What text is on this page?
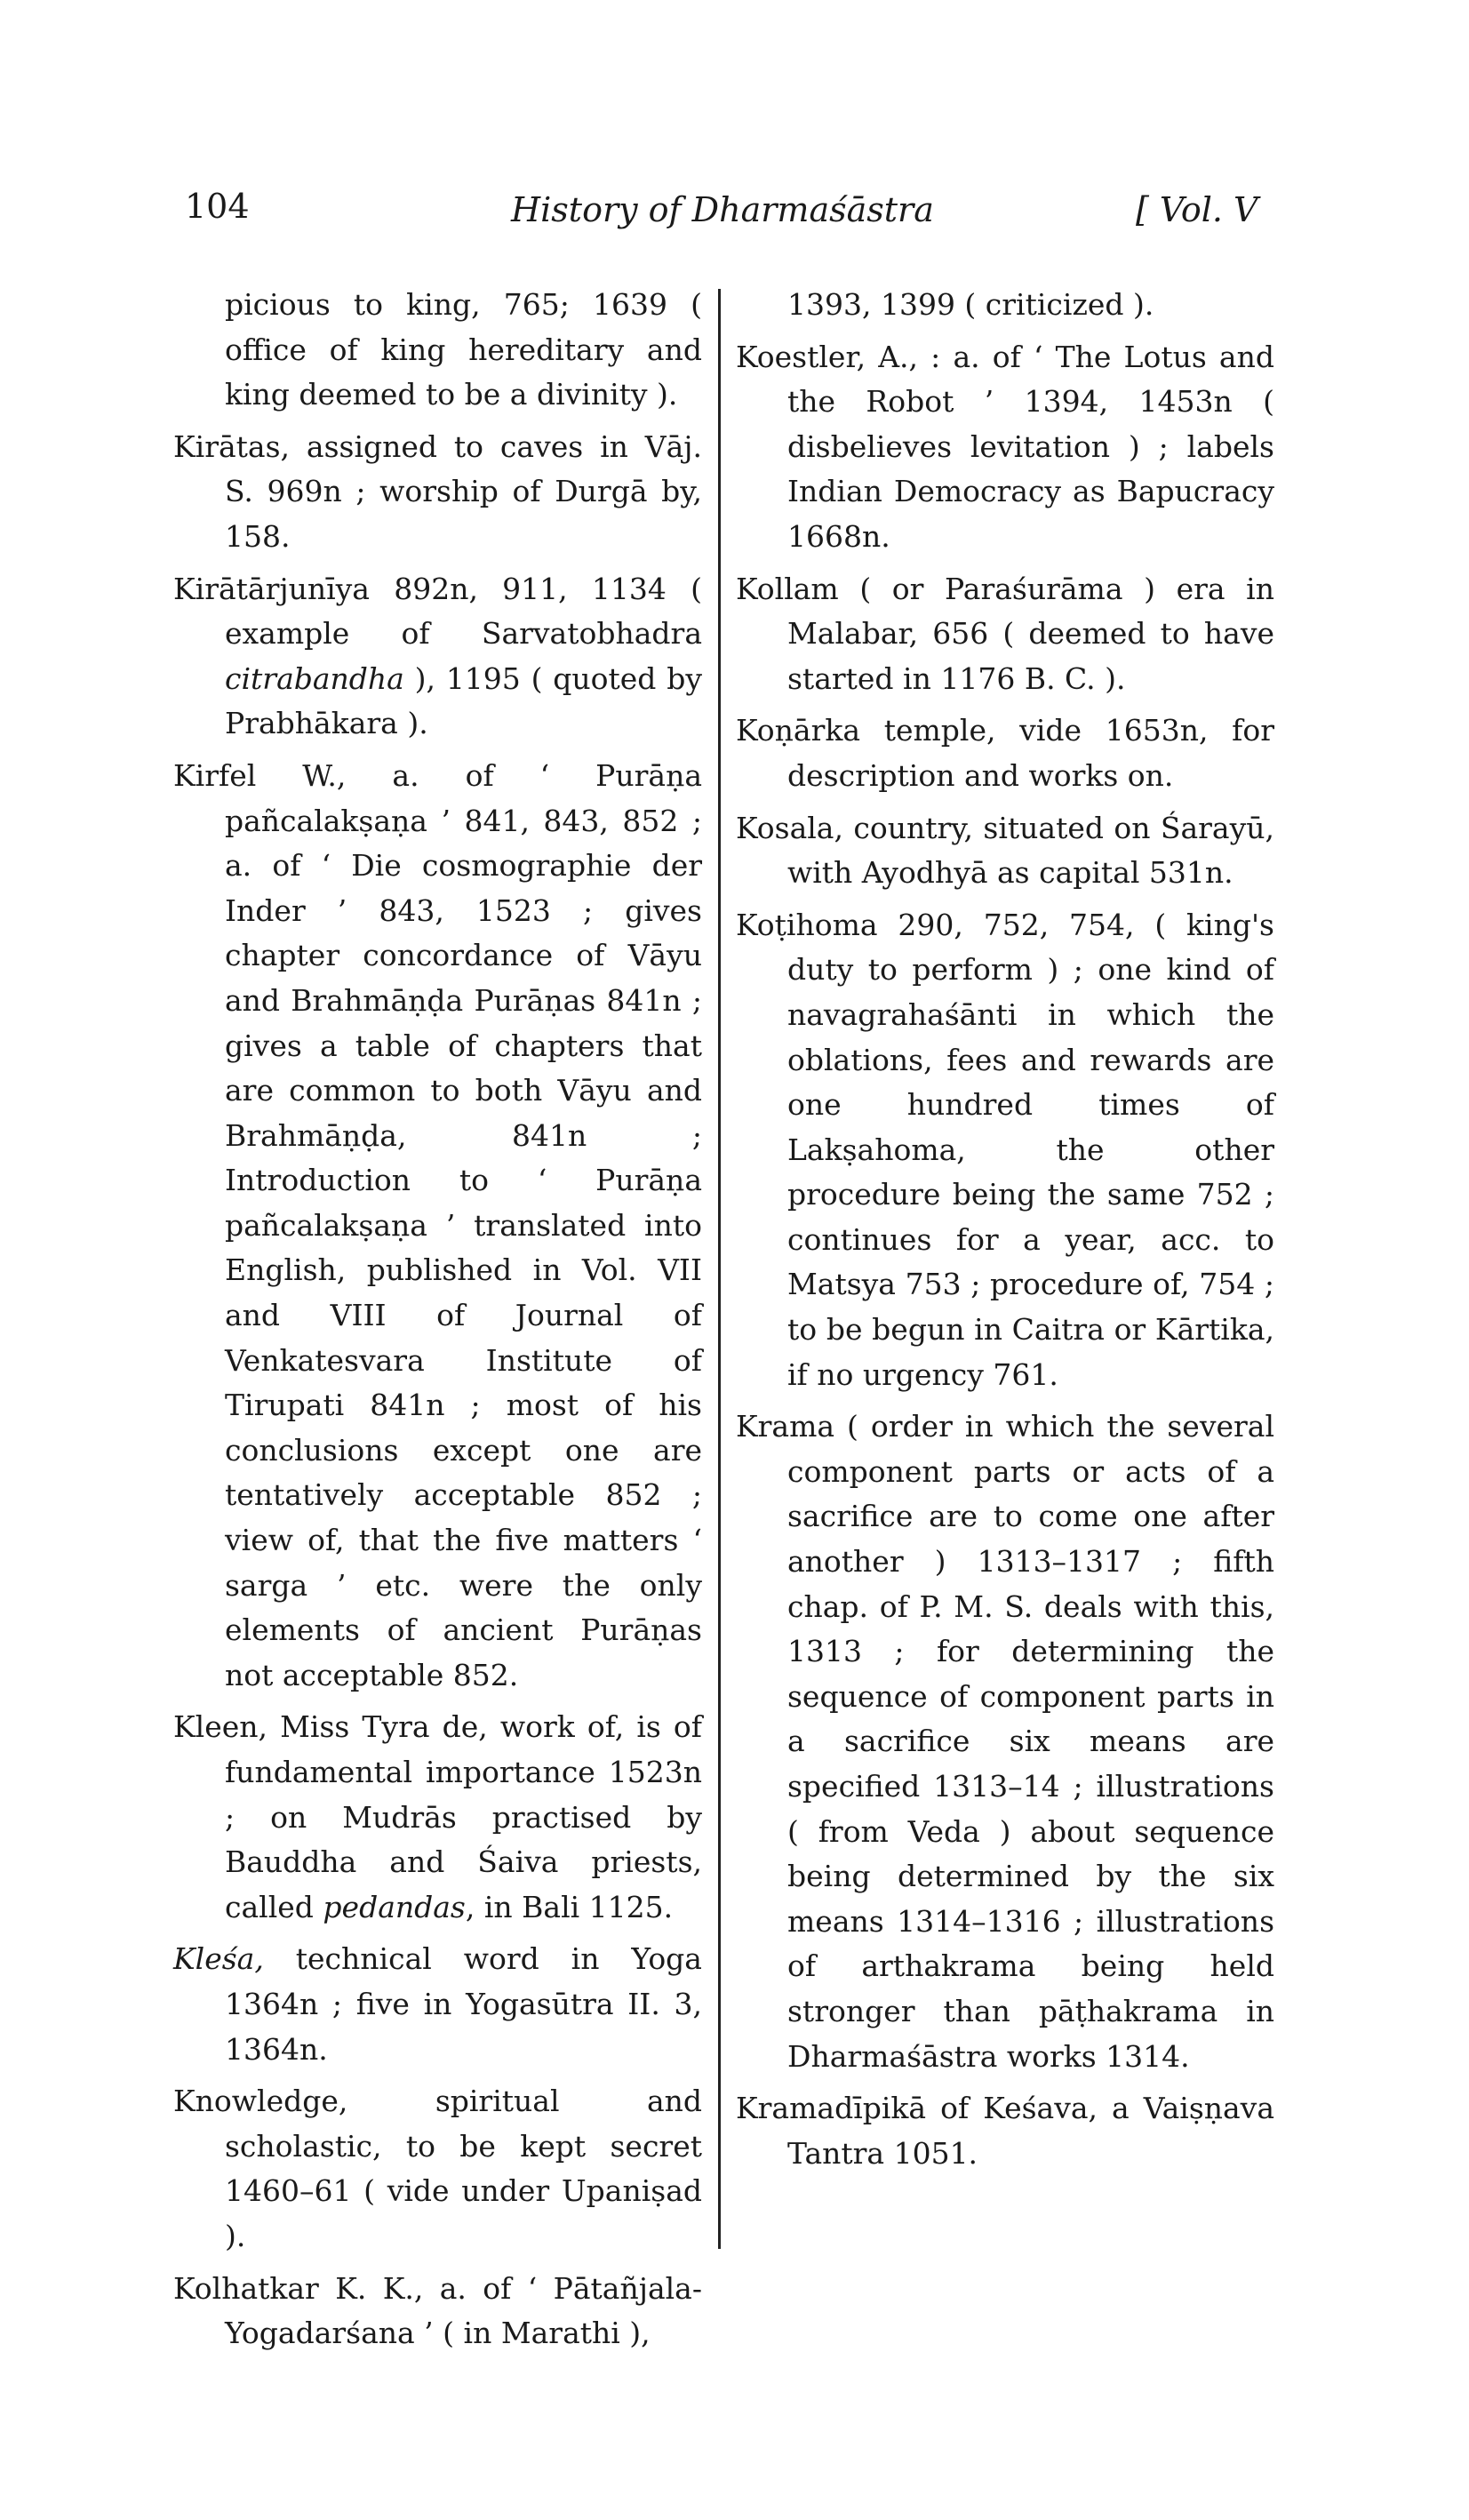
104	History of Dharmaśāstra	[ Vol. V

picious to king, 765; 1639 ( office of king hereditary and king deemed to be a divinity ).

Kirātas, assigned to caves in Vāj. S. 969n ; worship of Durgā by, 158.

Kirātārjunīya 892n, 911, 1134 ( example of Sarvatobhadra citrabandha ), 1195 ( quoted by Prabhākara ).

Kirfel W., a. of ‘ Purāṇa pañcalakṣaṇa ’ 841, 843, 852 ; a. of ‘ Die cosmographie der Inder ’ 843, 1523 ; gives chapter concordance of Vāyu and Brahmāṇḍa Purāṇas 841n ; gives a table of chapters that are common to both Vāyu and Brahmāṇḍa, 841n ; Introduction to ‘ Purāṇa pañcalakṣaṇa ’ translated into English, published in Vol. VII and VIII of Journal of Venkatesvara Institute of Tirupati 841n ; most of his conclusions except one are tentatively acceptable 852 ; view of, that the five matters ‘ sarga ’ etc. were the only elements of ancient Purāṇas not acceptable 852.

Kleen, Miss Tyra de, work of, is of fundamental importance 1523n ; on Mudrās practised by Bauddha and Śaiva priests, called pedandas, in Bali 1125.

Kleśa, technical word in Yoga 1364n ; five in Yogasūtra II. 3, 1364n.

Knowledge, spiritual and scholastic, to be kept secret 1460–61 ( vide under Upaniṣad ).

Kolhatkar K. K., a. of ‘ Pātañjala-Yogadarśana ’ ( in Marathi ),

1393, 1399 ( criticized ).

Koestler, A., : a. of ‘ The Lotus and the Robot ’ 1394, 1453n ( disbelieves levitation ) ; labels Indian Democracy as Bapucracy 1668n.

Kollam ( or Paraśurāma ) era in Malabar, 656 ( deemed to have started in 1176 B. C. ).

Koṇārka temple, vide 1653n, for description and works on.

Kosala, country, situated on Śarayū, with Ayodhyā as capital 531n.

Koṭihoma 290, 752, 754, ( king's duty to perform ) ; one kind of navagrahaśānti in which the oblations, fees and rewards are one hundred times of Lakṣahoma, the other procedure being the same 752 ; continues for a year, acc. to Matsya 753 ; procedure of, 754 ; to be begun in Caitra or Kārtika, if no urgency 761.

Krama ( order in which the several component parts or acts of a sacrifice are to come one after another ) 1313–1317 ; fifth chap. of P. M. S. deals with this, 1313 ; for determining the sequence of component parts in a sacrifice six means are specified 1313–14 ; illustrations ( from Veda ) about sequence being determined by the six means 1314–1316 ; illustrations of arthakrama being held stronger than pāṭhakrama in Dharmaśāstra works 1314.

Kramadīpikā of Keśava, a Vaiṣṇava Tantra 1051.
